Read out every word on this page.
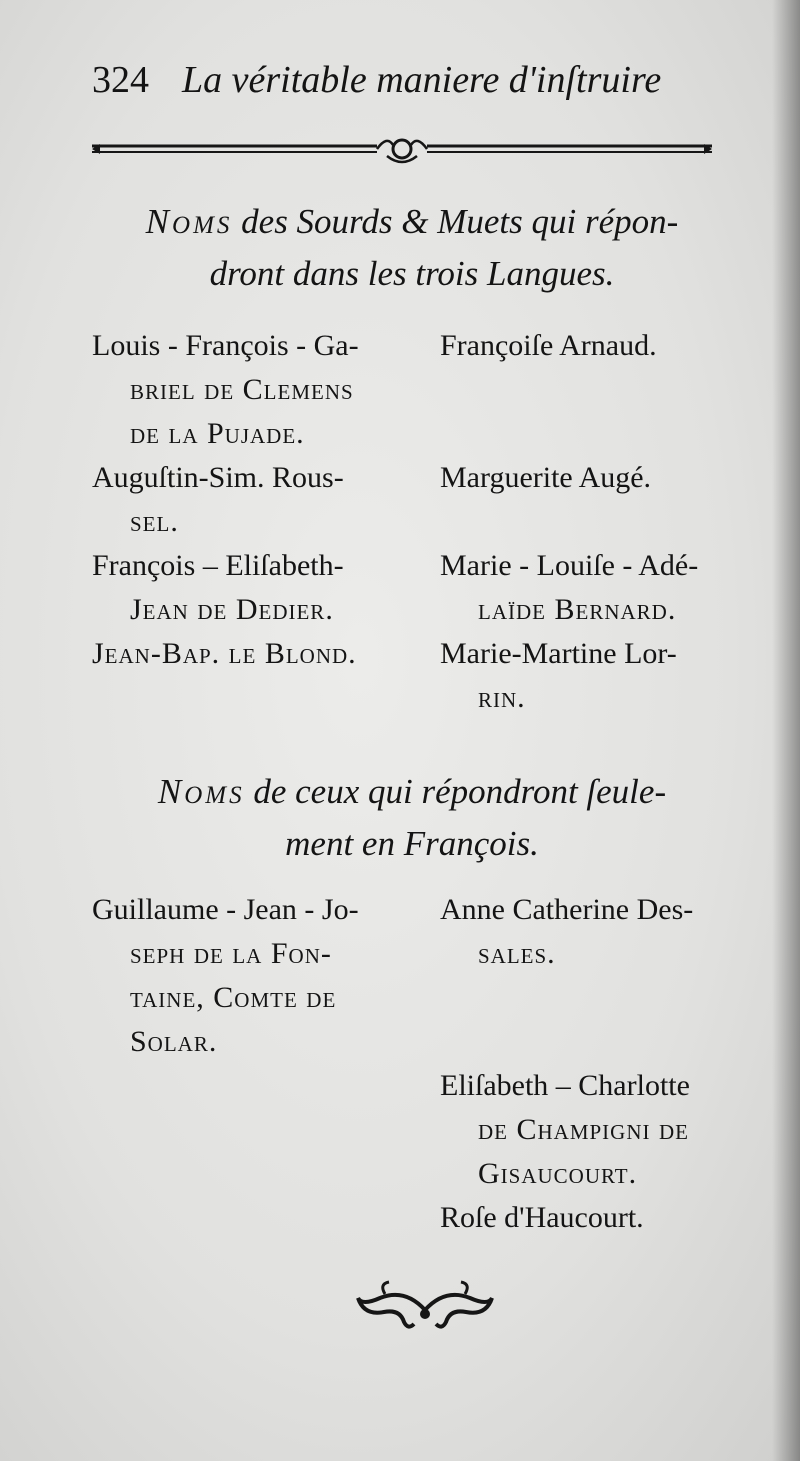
324 La véritable maniere d'inſtruire
Noms des Sourds & Muets qui répon-
dront dans les trois Langues.

Louis - François - Ga-
briel de Clemens
de la Pujade.

Auguſtin-Sim. Rous-
sel.

François – Eliſabeth-
Jean de Dedier.

Jean-Bap. le Blond.

Françoiſe Arnaud.

Marguerite Augé.

Marie - Louiſe - Adé-
laïde Bernard.

Marie-Martine Lor-
rin.

Noms de ceux qui répondront ſeule-
ment en François.

Guillaume - Jean - Jo-
ſeph de la Fon-
taine, Comte de
Solar.

Anne Catherine Des-
sales.

Eliſabeth – Charlotte
de Champigni de
Gisaucourt.

Roſe d'Haucourt.
